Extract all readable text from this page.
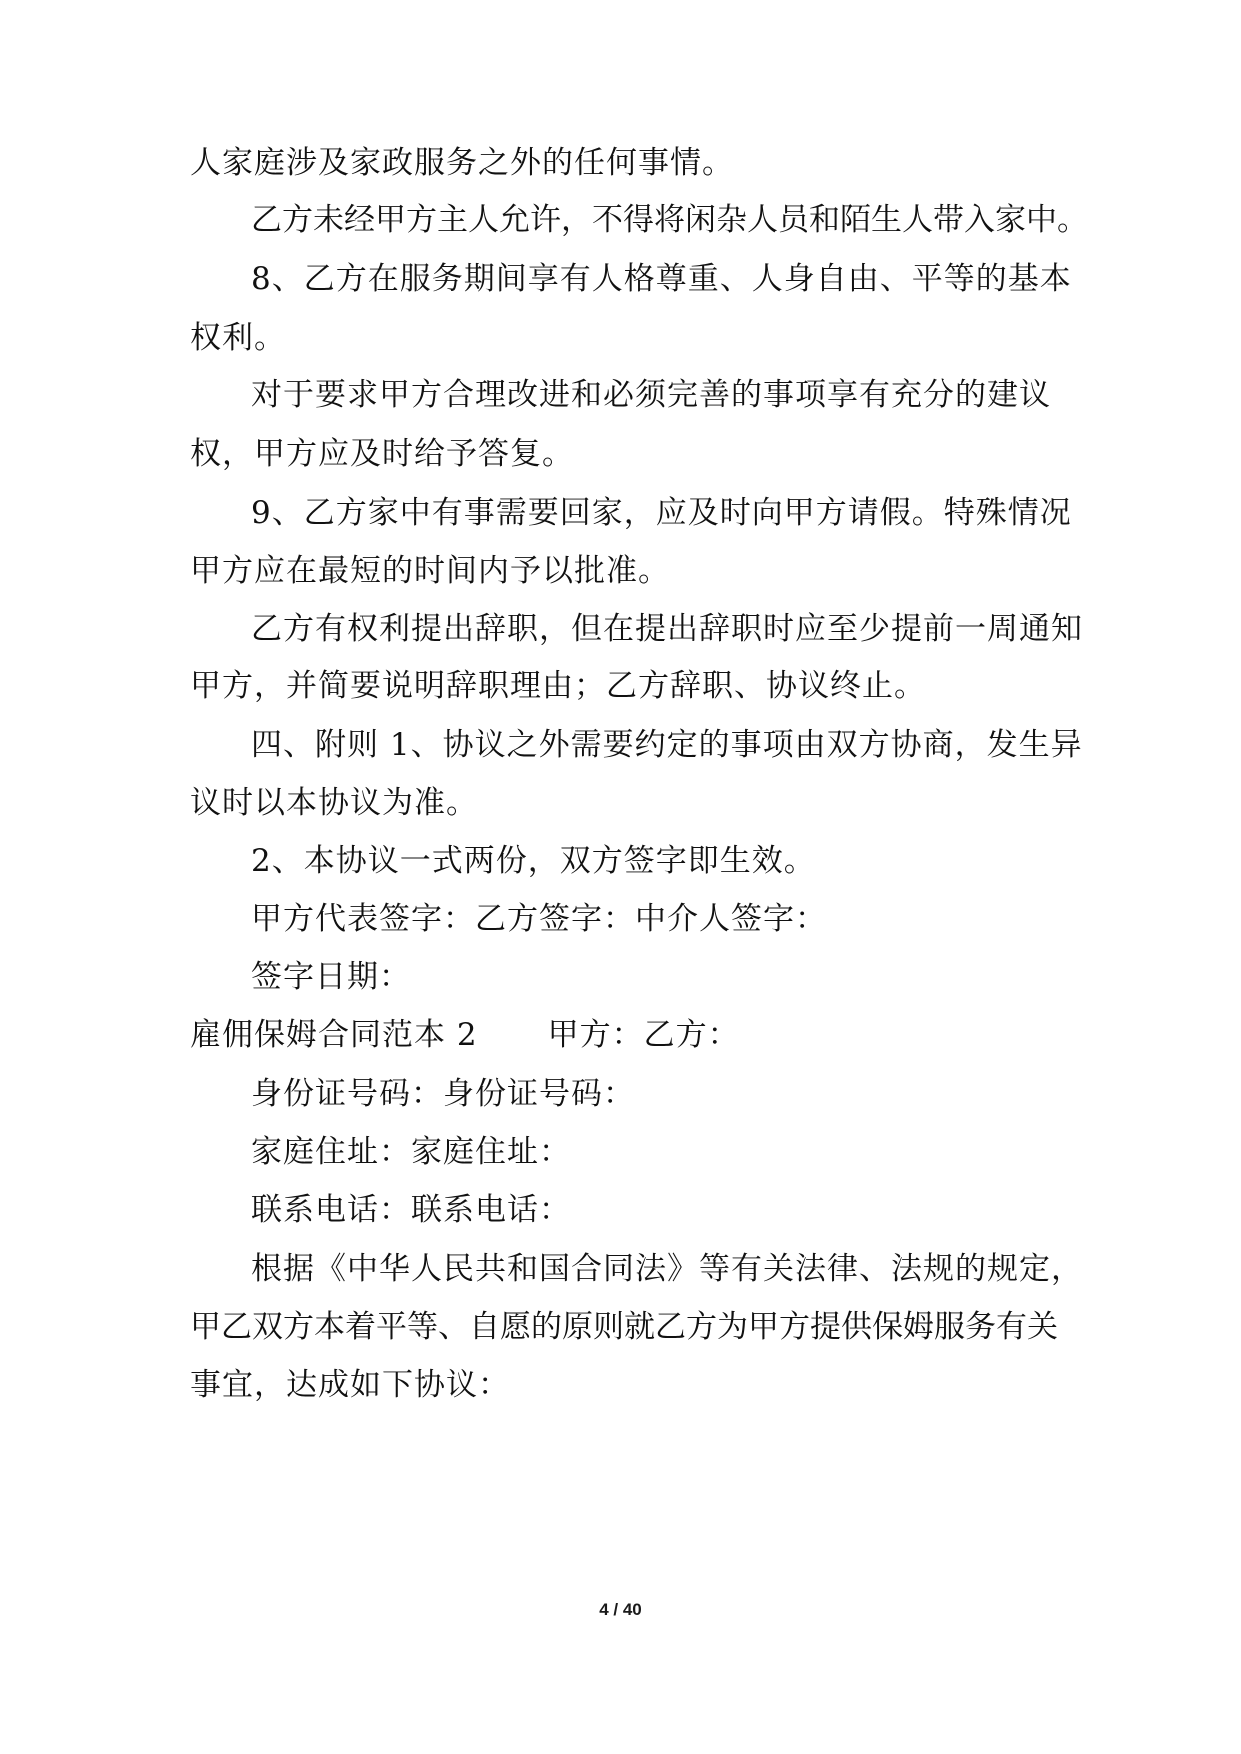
人家庭涉及家政服务之外的任何事情。
乙方未经甲方主人允许，不得将闲杂人员和陌生人带入家中。
8、乙方在服务期间享有人格尊重、人身自由、平等的基本
权利。
对于要求甲方合理改进和必须完善的事项享有充分的建议
权，甲方应及时给予答复。
9、乙方家中有事需要回家，应及时向甲方请假。特殊情况
甲方应在最短的时间内予以批准。
乙方有权利提出辞职，但在提出辞职时应至少提前一周通知
甲方，并简要说明辞职理由；乙方辞职、协议终止。
四、附则 1、协议之外需要约定的事项由双方协商，发生异
议时以本协议为准。
2、本协议一式两份，双方签字即生效。
甲方代表签字：乙方签字：中介人签字：
签字日期：
雇佣保姆合同范本 2 甲方：乙方：
身份证号码：身份证号码：
家庭住址：家庭住址：
联系电话：联系电话：
根据《中华人民共和国合同法》等有关法律、法规的规定，
甲乙双方本着平等、自愿的原则就乙方为甲方提供保姆服务有关
事宜，达成如下协议：
4 / 40
